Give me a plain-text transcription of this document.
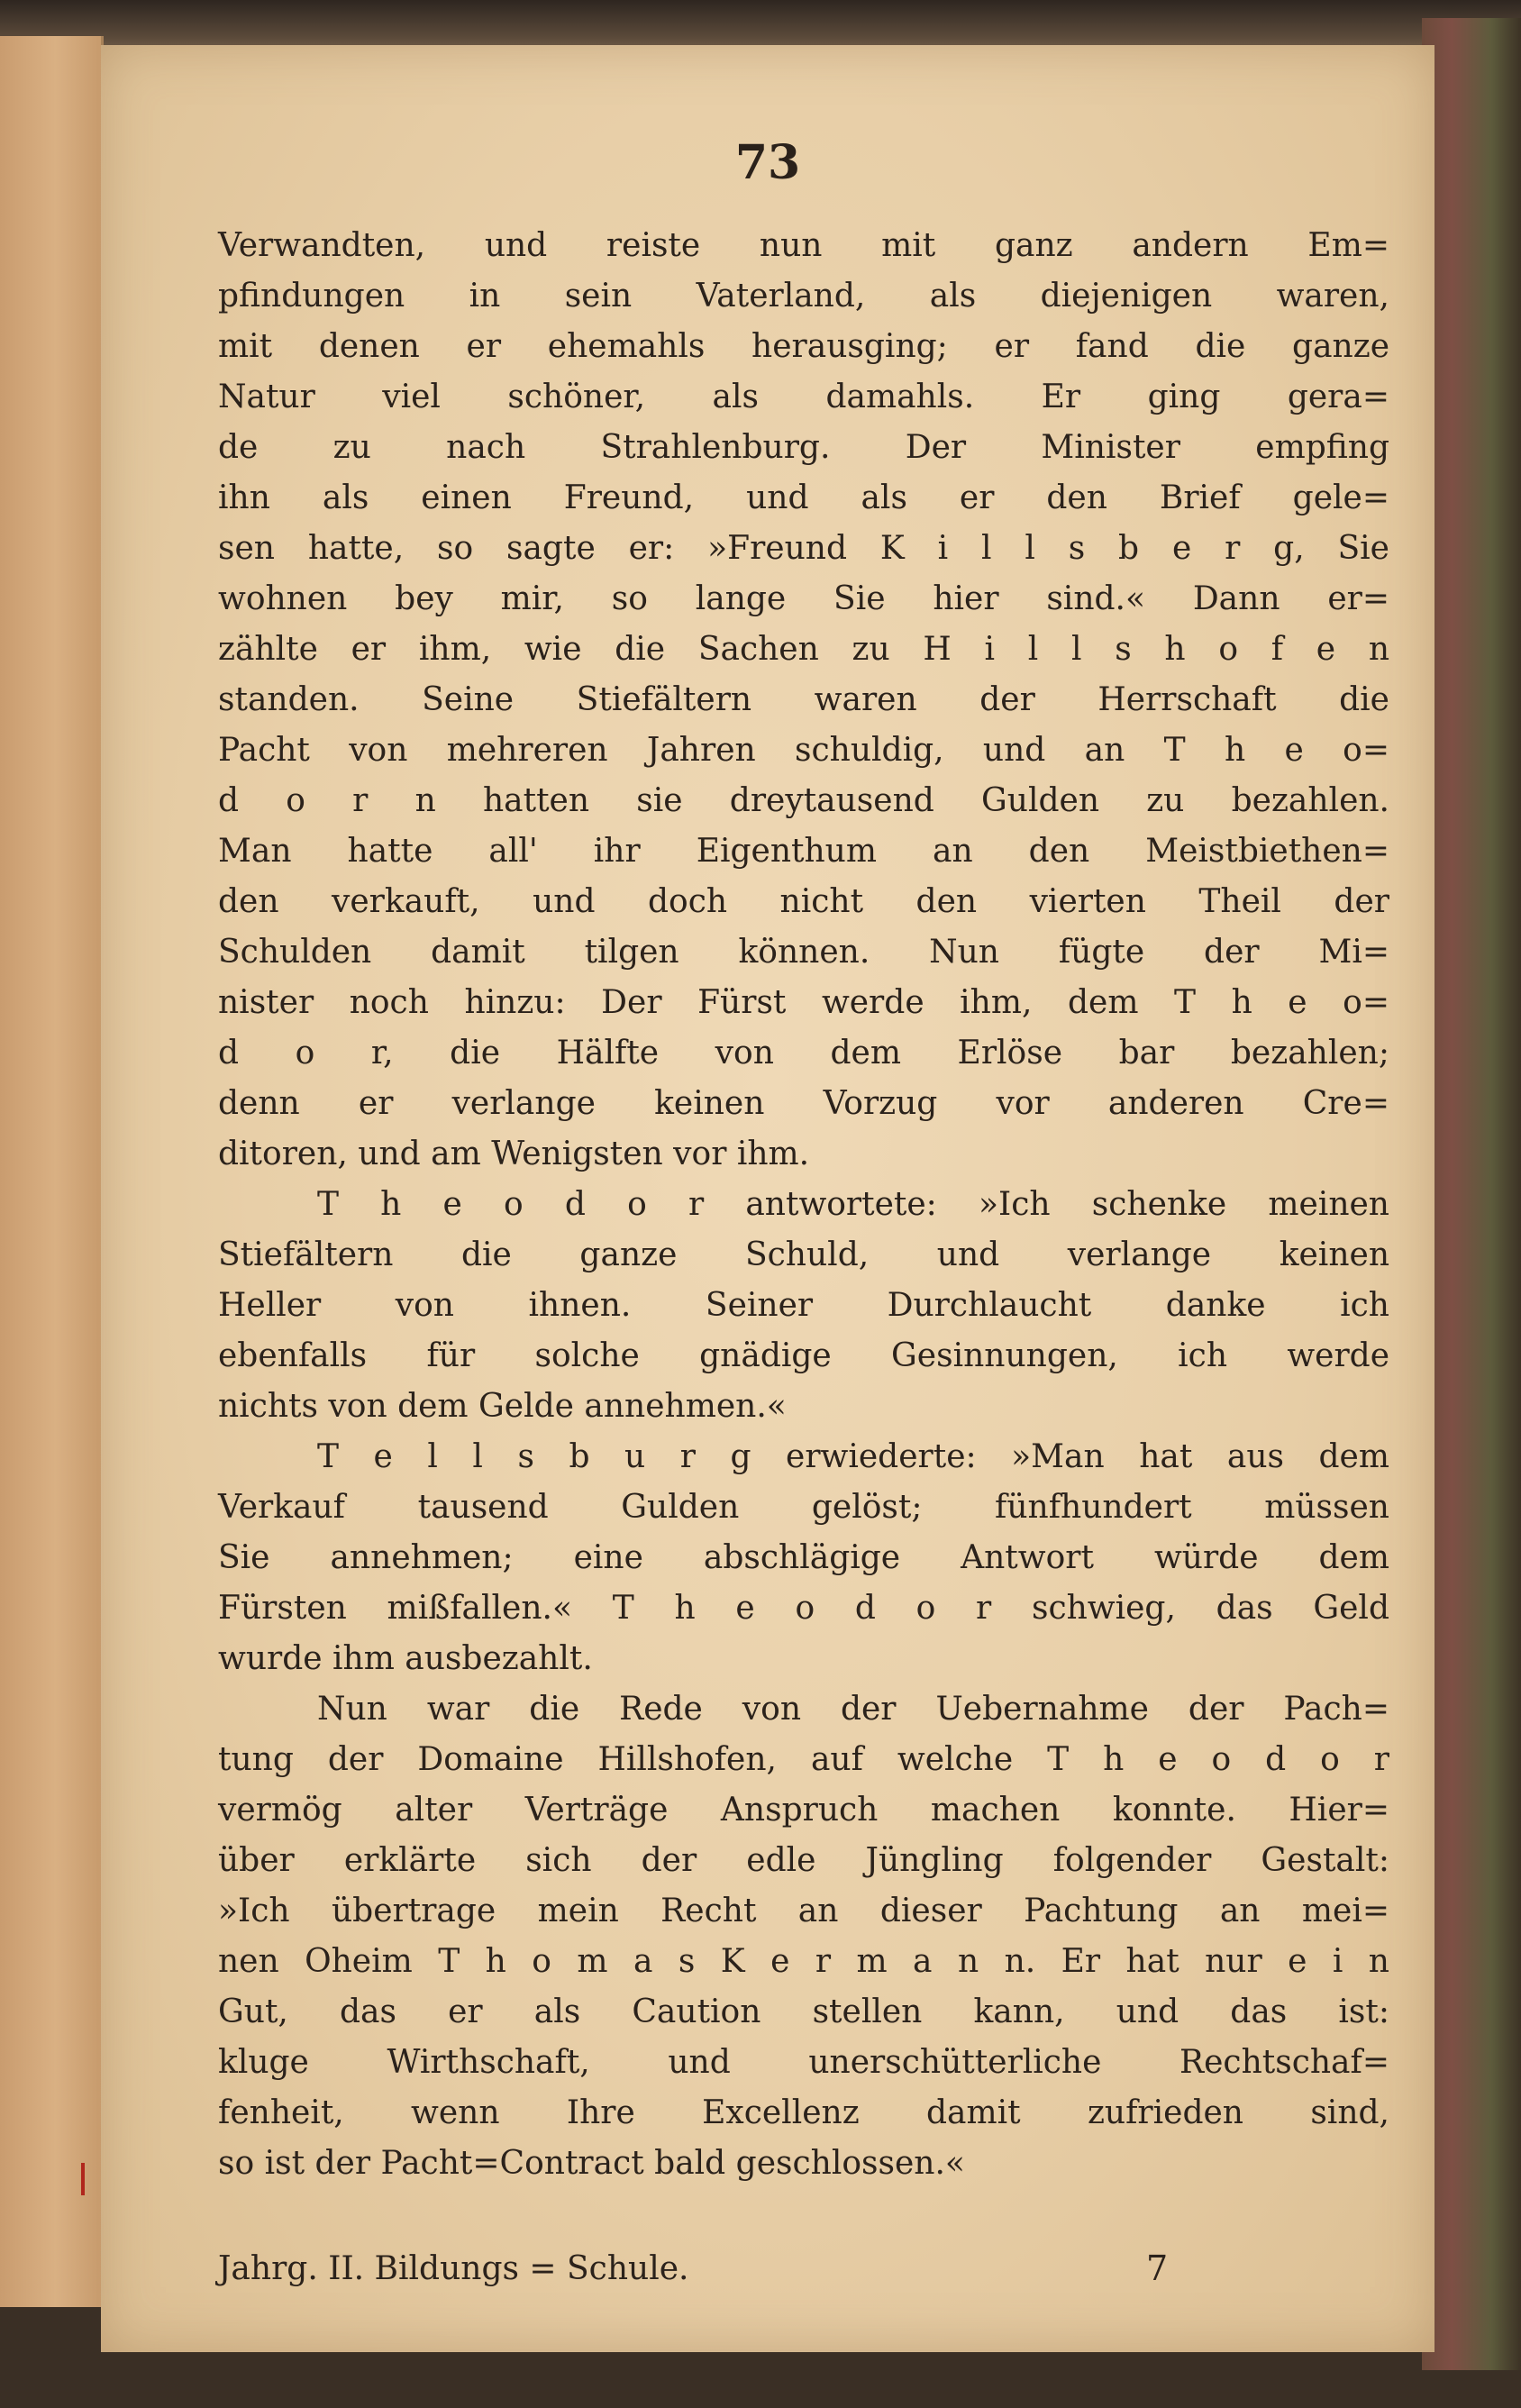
73

Verwandten, und reiste nun mit ganz andern Em=
pfindungen in sein Vaterland, als diejenigen waren,
mit denen er ehemahls herausging; er fand die ganze
Natur viel schöner, als damahls. Er ging gera=
de zu nach Strahlenburg. Der Minister empfing
ihn als einen Freund, und als er den Brief gele=
sen hatte, so sagte er: »Freund K i l l s b e r g, Sie
wohnen bey mir, so lange Sie hier sind.« Dann er=
zählte er ihm, wie die Sachen zu H i l l s h o f e n
standen. Seine Stiefältern waren der Herrschaft die
Pacht von mehreren Jahren schuldig, und an T h e o=
d o r n hatten sie dreytausend Gulden zu bezahlen.
Man hatte all' ihr Eigenthum an den Meistbiethen=
den verkauft, und doch nicht den vierten Theil der
Schulden damit tilgen können. Nun fügte der Mi=
nister noch hinzu: Der Fürst werde ihm, dem T h e o=
d o r, die Hälfte von dem Erlöse bar bezahlen;
denn er verlange keinen Vorzug vor anderen Cre=
ditoren, und am Wenigsten vor ihm.
T h e o d o r antwortete: »Ich schenke meinen
Stiefältern die ganze Schuld, und verlange keinen
Heller von ihnen. Seiner Durchlaucht danke ich
ebenfalls für solche gnädige Gesinnungen, ich werde
nichts von dem Gelde annehmen.«
T e l l s b u r g erwiederte: »Man hat aus dem
Verkauf tausend Gulden gelöst; fünfhundert müssen
Sie annehmen; eine abschlägige Antwort würde dem
Fürsten mißfallen.« T h e o d o r schwieg, das Geld
wurde ihm ausbezahlt.
Nun war die Rede von der Uebernahme der Pach=
tung der Domaine Hillshofen, auf welche T h e o d o r
vermög alter Verträge Anspruch machen konnte. Hier=
über erklärte sich der edle Jüngling folgender Gestalt:
»Ich übertrage mein Recht an dieser Pachtung an mei=
nen Oheim T h o m a s K e r m a n n. Er hat nur e i n
Gut, das er als Caution stellen kann, und das ist:
kluge Wirthschaft, und unerschütterliche Rechtschaf=
fenheit, wenn Ihre Excellenz damit zufrieden sind,
so ist der Pacht=Contract bald geschlossen.«
Jahrg. II. Bildungs = Schule.	7
